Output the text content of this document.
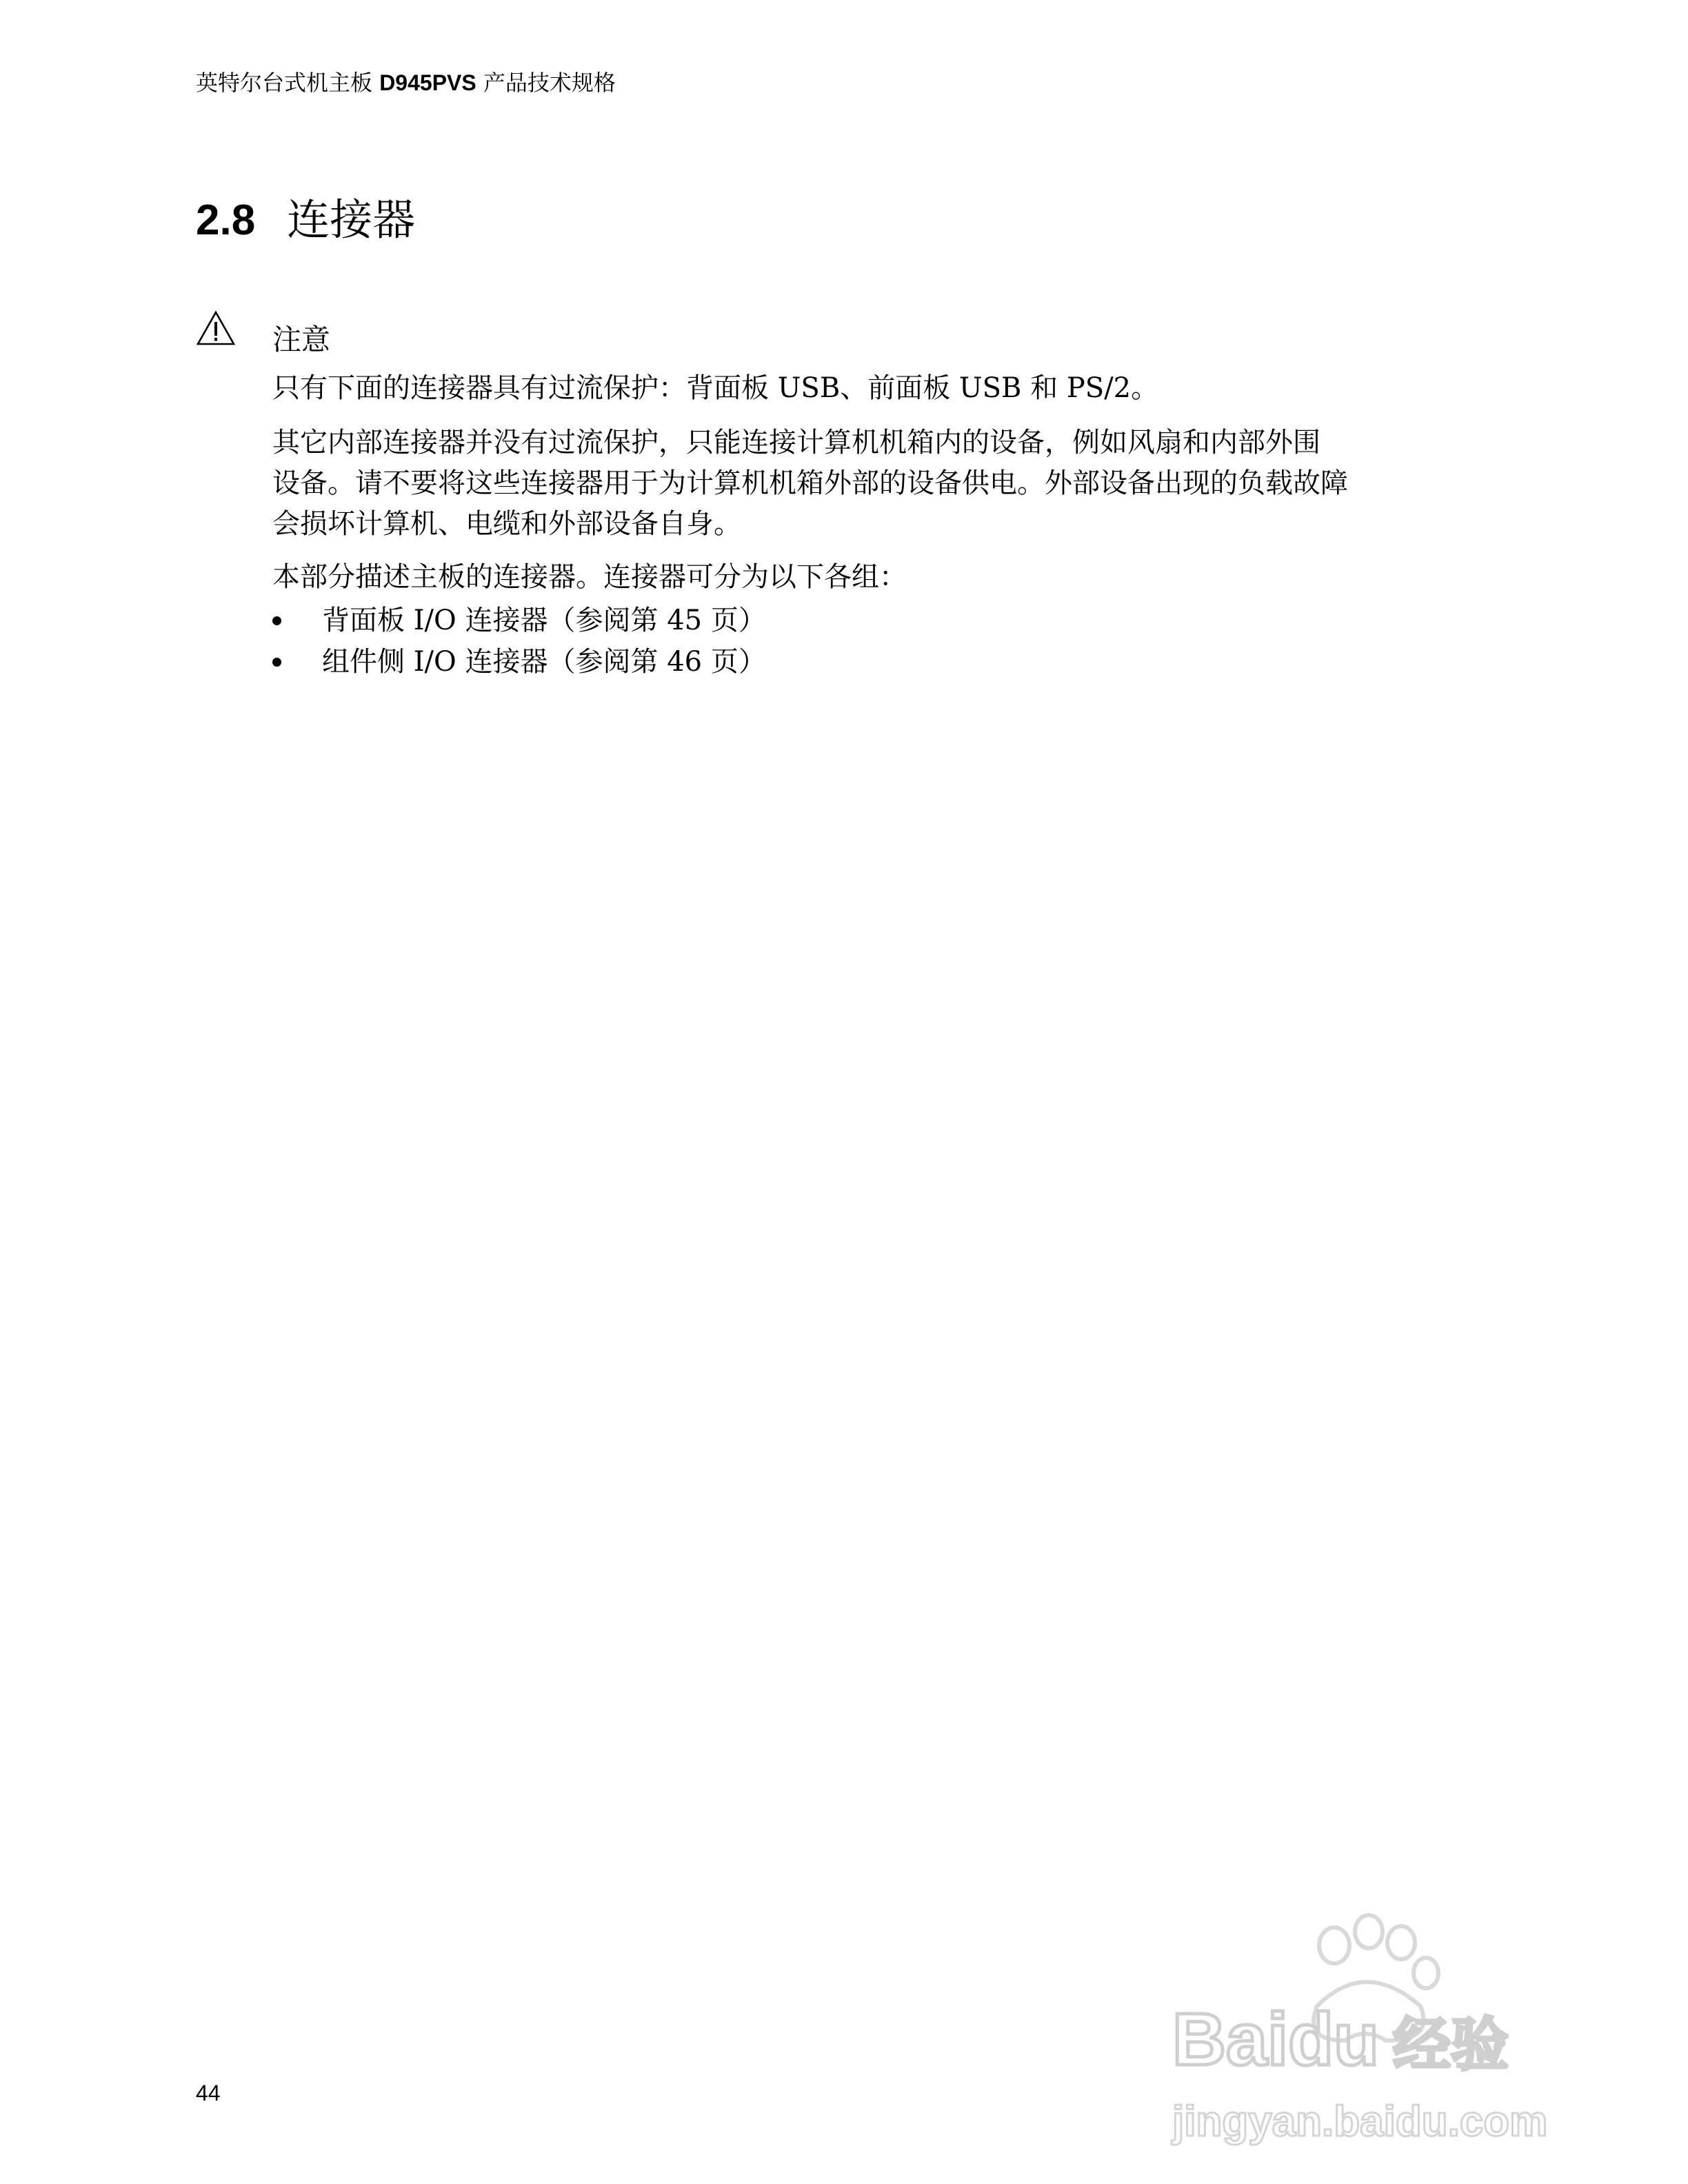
英特尔台式机主板 D945PVS 产品技术规格
2.8 连接器
注意
只有下面的连接器具有过流保护：背面板 USB、前面板 USB 和 PS/2。
其它内部连接器并没有过流保护，只能连接计算机机箱内的设备，例如风扇和内部外围
设备。请不要将这些连接器用于为计算机机箱外部的设备供电。外部设备出现的负载故障
会损坏计算机、电缆和外部设备自身。
本部分描述主板的连接器。连接器可分为以下各组：
背面板 I/O 连接器（参阅第 45 页）
组件侧 I/O 连接器（参阅第 46 页）
44
Baidu 经验
jingyan.baidu.com
